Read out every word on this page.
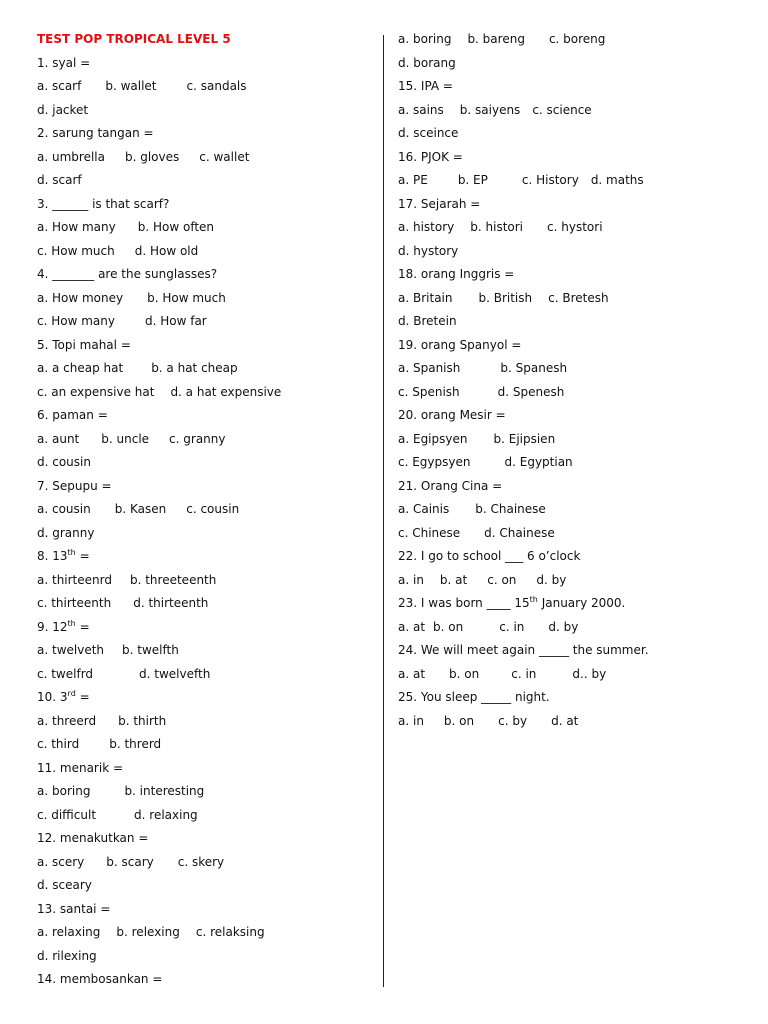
TEST POP TROPICAL LEVEL 5
1. syal =
a. scarf b. wallet	c. sandals
d. jacket
2. sarung tangan =
a. umbrella b. gloves c. wallet
d. scarf
3. ______ is that scarf?
a. How many b. How often
c. How much d. How old
4. _______ are the sunglasses?
a. How money b. How much
c. How many	d. How far
5. Topi mahal =
a. a cheap hat b. a hat cheap
c. an expensive hat d. a hat expensive
6. paman =
a. aunt b. uncle c. granny
d. cousin
7. Sepupu =
a. cousin b. Kasen c. cousin
d. granny
8. 13th =
a. thirteenrd b. threeteenth
c. thirteenth d. thirteenth
9. 12th =
a. twelveth b. twelfth
c. twelfrd	d. twelvefth
10. 3rd =
a. threerd b. thirth
c. third	b. threrd
11. menarik =
a. boring	b. interesting
c. difficult	d. relaxing
12. menakutkan =
a. scery b. scary c. skery
d. sceary
13. santai =
a. relaxing b. relexing c. relaksing
d. rilexing
14. membosankan =
a. boring b. bareng c. boreng
d. borang
15. IPA =
a. sains b. saiyens c. science
d. sceince
16. PJOK =
a. PE	b. EP	c. History d. maths
17. Sejarah =
a. history b. histori c. hystori
d. hystory
18. orang Inggris =
a. Britain b. British c. Bretesh
d. Bretein
19. orang Spanyol =
a. Spanish	b. Spanesh
c. Spenish	d. Spenesh
20. orang Mesir =
a. Egipsyen b. Ejipsien
c. Egypsyen	d. Egyptian
21. Orang Cina =
a. Cainis b. Chainese
c. Chinese d. Chainese
22. I go to school ___ 6 o’clock
a. in b. at c. on d. by
23. I was born ____ 15th January 2000.
a. at b. on	c. in d. by
24. We will meet again _____ the summer.
a. at b. on	c. in	d.. by
25. You sleep _____ night.
a. in b. on c. by d. at
